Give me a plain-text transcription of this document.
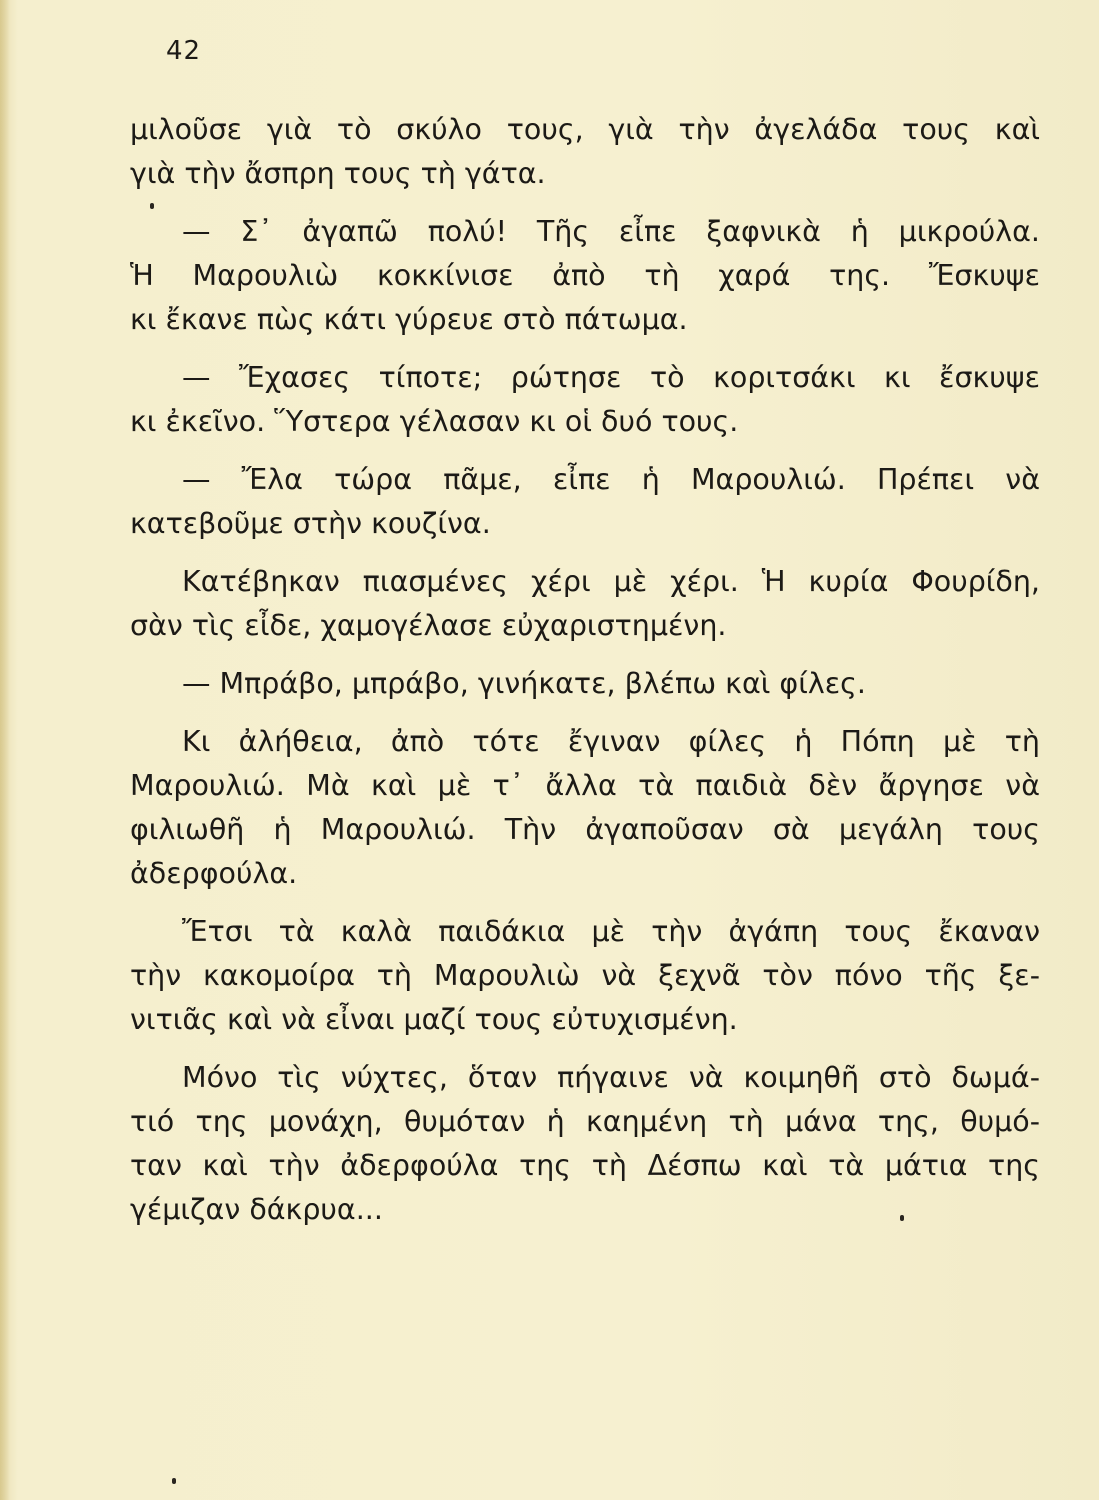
42

μιλοῦσε γιὰ τὸ σκύλο τους, γιὰ τὴν ἀγελάδα τους καὶ
γιὰ τὴν ἄσπρη τους τὴ γάτα.

— Σ᾽ ἀγαπῶ πολύ! Τῆς εἶπε ξαφνικὰ ἡ μικρούλα.
Ἡ Μαρουλιὼ κοκκίνισε ἀπὸ τὴ χαρά της. Ἔσκυψε
κι ἔκανε πὼς κάτι γύρευε στὸ πάτωμα.

— Ἔχασες τίποτε; ρώτησε τὸ κοριτσάκι κι ἔσκυψε
κι ἐκεῖνο. Ὕστερα γέλασαν κι οἱ δυό τους.

— Ἔλα τώρα πᾶμε, εἶπε ἡ Μαρουλιώ. Πρέπει νὰ
κατεβοῦμε στὴν κουζίνα.

Κατέβηκαν πιασμένες χέρι μὲ χέρι. Ἡ κυρία Φουρίδη,
σὰν τὶς εἶδε, χαμογέλασε εὐχαριστημένη.

— Μπράβο, μπράβο, γινήκατε, βλέπω καὶ φίλες.

Κι ἀλήθεια, ἀπὸ τότε ἔγιναν φίλες ἡ Πόπη μὲ τὴ
Μαρουλιώ. Μὰ καὶ μὲ τ᾽ ἄλλα τὰ παιδιὰ δὲν ἄργησε νὰ
φιλιωθῆ ἡ Μαρουλιώ. Τὴν ἀγαποῦσαν σὰ μεγάλη τους
ἀδερφούλα.

Ἔτσι τὰ καλὰ παιδάκια μὲ τὴν ἀγάπη τους ἔκαναν
τὴν κακομοίρα τὴ Μαρουλιὼ νὰ ξεχνᾶ τὸν πόνο τῆς ξε-
νιτιᾶς καὶ νὰ εἶναι μαζί τους εὐτυχισμένη.

Μόνο τὶς νύχτες, ὅταν πήγαινε νὰ κοιμηθῆ στὸ δωμά-
τιό της μονάχη, θυμόταν ἡ καημένη τὴ μάνα της, θυμό-
ταν καὶ τὴν ἀδερφούλα της τὴ Δέσπω καὶ τὰ μάτια της
γέμιζαν δάκρυα...
